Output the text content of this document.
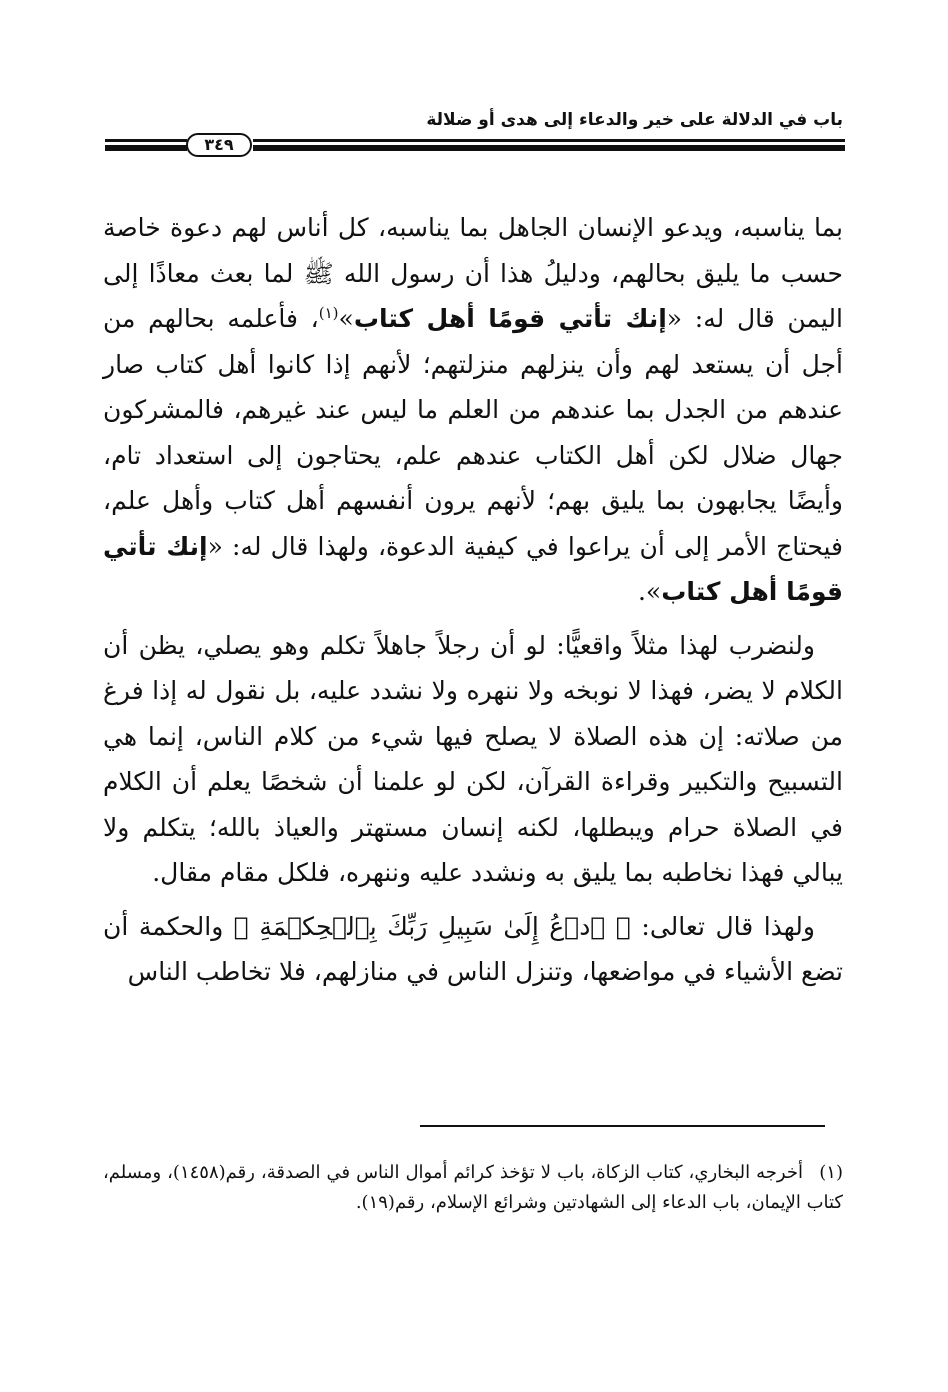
باب في الدلالة على خير والدعاء إلى هدى أو ضلالة
٣٤٩

بما يناسبه، ويدعو الإنسان الجاهل بما يناسبه، كل أناس لهم دعوة خاصة حسب ما يليق بحالهم، ودليلُ هذا أن رسول الله ﷺ لما بعث معاذًا إلى اليمن قال له: «إنك تأتي قومًا أهل كتاب»$^{(١)}$، فأعلمه بحالهم من أجل أن يستعد لهم وأن ينزلهم منزلتهم؛ لأنهم إذا كانوا أهل كتاب صار عندهم من الجدل بما عندهم من العلم ما ليس عند غيرهم، فالمشركون جهال ضلال لكن أهل الكتاب عندهم علم، يحتاجون إلى استعداد تام، وأيضًا يجابهون بما يليق بهم؛ لأنهم يرون أنفسهم أهل كتاب وأهل علم، فيحتاج الأمر إلى أن يراعوا في كيفية الدعوة، ولهذا قال له: «إنك تأتي قومًا أهل كتاب».

ولنضرب لهذا مثلاً واقعيًّا: لو أن رجلاً جاهلاً تكلم وهو يصلي، يظن أن الكلام لا يضر، فهذا لا نوبخه ولا ننهره ولا نشدد عليه، بل نقول له إذا فرغ من صلاته: إن هذه الصلاة لا يصلح فيها شيء من كلام الناس، إنما هي التسبيح والتكبير وقراءة القرآن، لكن لو علمنا أن شخصًا يعلم أن الكلام في الصلاة حرام ويبطلها، لكنه إنسان مستهتر والعياذ بالله؛ يتكلم ولا يبالي فهذا نخاطبه بما يليق به ونشدد عليه وننهره، فلكل مقام مقال.

ولهذا قال تعالى: ﴿ ٱدۡعُ إِلَىٰ سَبِيلِ رَبِّكَ بِٱلۡحِكۡمَةِ ﴾ والحكمة أن تضع الأشياء في مواضعها، وتنزل الناس في منازلهم، فلا تخاطب الناس

(١)أخرجه البخاري، كتاب الزكاة، باب لا تؤخذ كرائم أموال الناس في الصدقة، رقم(١٤٥٨)، ومسلم، كتاب الإيمان، باب الدعاء إلى الشهادتين وشرائع الإسلام، رقم(١٩).
